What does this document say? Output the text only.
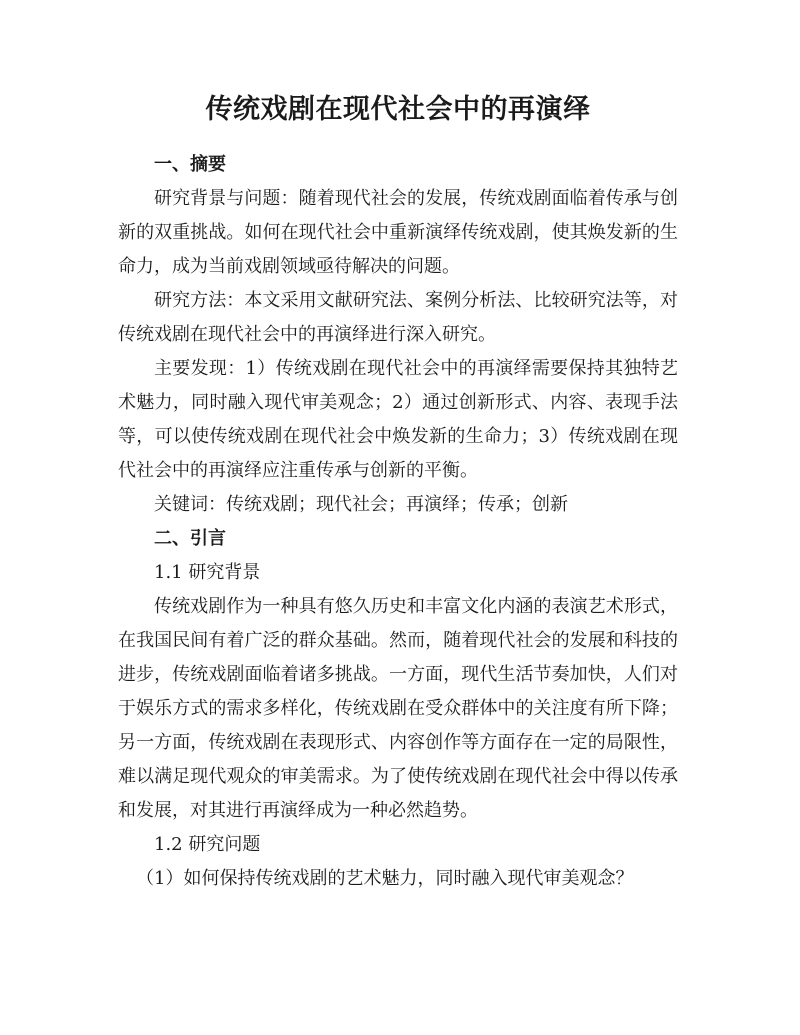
传统戏剧在现代社会中的再演绎
一、摘要

研究背景与问题：随着现代社会的发展，传统戏剧面临着传承与创新的双重挑战。如何在现代社会中重新演绎传统戏剧，使其焕发新的生命力，成为当前戏剧领域亟待解决的问题。

研究方法：本文采用文献研究法、案例分析法、比较研究法等，对传统戏剧在现代社会中的再演绎进行深入研究。

主要发现：1）传统戏剧在现代社会中的再演绎需要保持其独特艺术魅力，同时融入现代审美观念；2）通过创新形式、内容、表现手法等，可以使传统戏剧在现代社会中焕发新的生命力；3）传统戏剧在现代社会中的再演绎应注重传承与创新的平衡。

关键词：传统戏剧；现代社会；再演绎；传承；创新

二、引言
1.1 研究背景

传统戏剧作为一种具有悠久历史和丰富文化内涵的表演艺术形式，在我国民间有着广泛的群众基础。然而，随着现代社会的发展和科技的进步，传统戏剧面临着诸多挑战。一方面，现代生活节奏加快，人们对于娱乐方式的需求多样化，传统戏剧在受众群体中的关注度有所下降；另一方面，传统戏剧在表现形式、内容创作等方面存在一定的局限性，难以满足现代观众的审美需求。为了使传统戏剧在现代社会中得以传承和发展，对其进行再演绎成为一种必然趋势。

1.2 研究问题
（1）如何保持传统戏剧的艺术魅力，同时融入现代审美观念？
